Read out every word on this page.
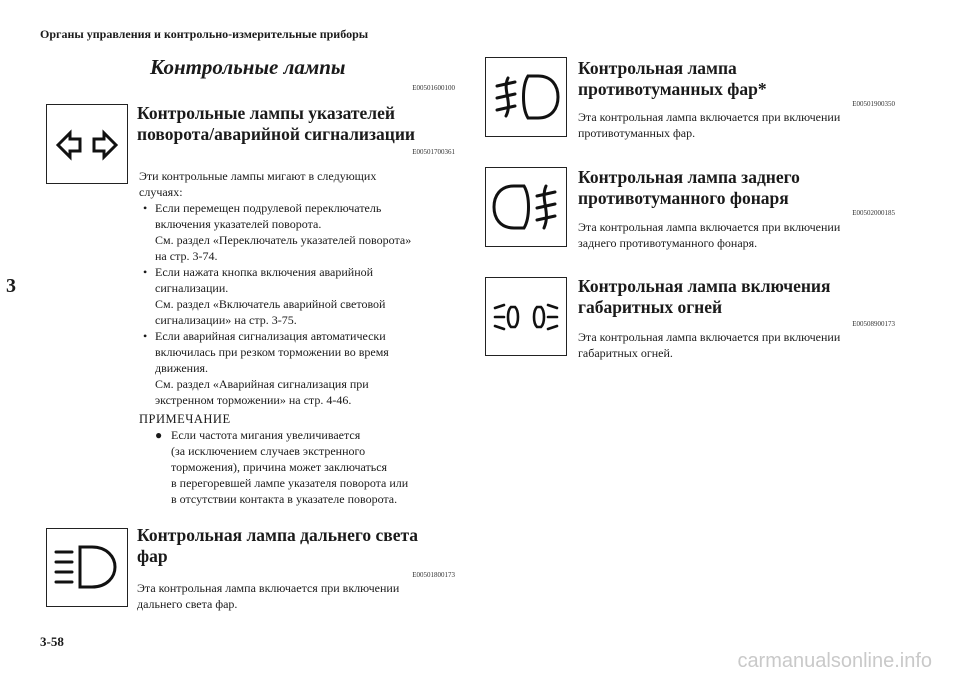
Органы управления и контрольно-измерительные приборы
3
3-58
Контрольные лампы
E00501600100
Контрольные лампы указателей
поворота/аварийной сигнализации
E00501700361
Эти контрольные лампы мигают в следующих
случаях:
• Если перемещен подрулевой переключатель
включения указателей поворота.
См. раздел «Переключатель указателей поворота»
на стр. 3-74.
• Если нажата кнопка включения аварийной
сигнализации.
См. раздел «Включатель аварийной световой
сигнализации» на стр. 3-75.
• Если аварийная сигнализация автоматически
включилась при резком торможении во время
движения.
См. раздел «Аварийная сигнализация при
экстренном торможении» на стр. 4-46.
ПРИМЕЧАНИЕ
● Если частота мигания увеличивается
(за исключением случаев экстренного
торможения), причина может заключаться
в перегоревшей лампе указателя поворота или
в отсутствии контакта в указателе поворота.
Контрольная лампа дальнего света
фар
E00501800173
Эта контрольная лампа включается при включении
дальнего света фар.
Контрольная лампа
противотуманных фар*
E00501900350
Эта контрольная лампа включается при включении
противотуманных фар.
Контрольная лампа заднего
противотуманного фонаря
E00502000185
Эта контрольная лампа включается при включении
заднего противотуманного фонаря.
Контрольная лампа включения
габаритных огней
E00508900173
Эта контрольная лампа включается при включении
габаритных огней.
carmanualsonline.info
